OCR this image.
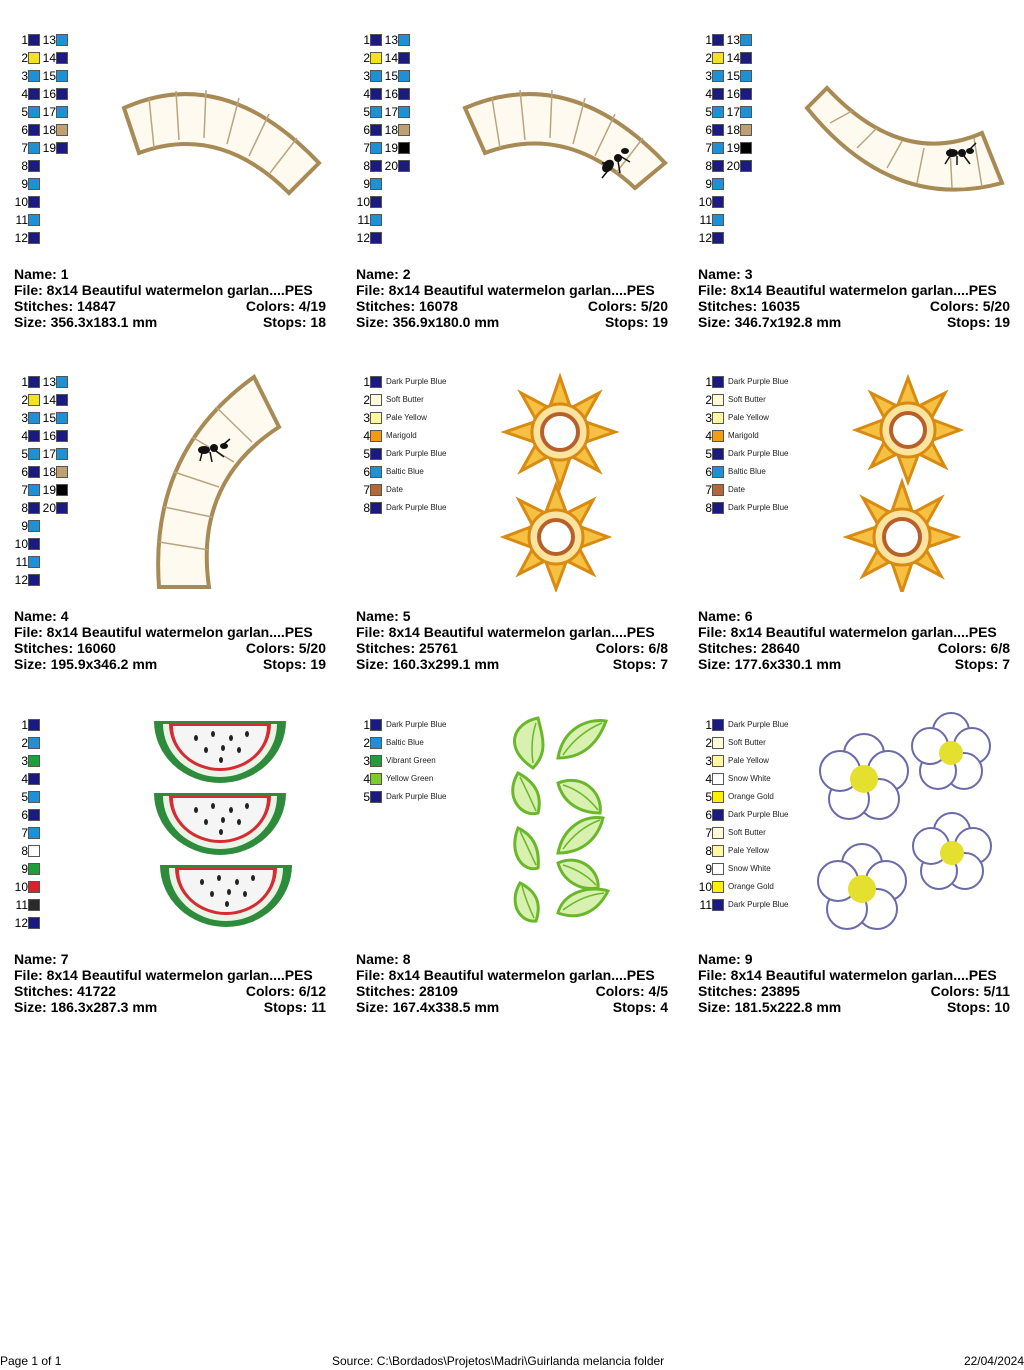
1
2
3
4
5
6
7
8
9
10
11
12
13
14
15
16
17
18
19
Name: 1
File: 8x14 Beautiful watermelon garlan....PES
Stitches: 14847	Colors: 4/19
Size: 356.3x183.1 mm	Stops: 18
1
2
3
4
5
6
7
8
9
10
11
12
13
14
15
16
17
18
19
20
Name: 2
File: 8x14 Beautiful watermelon garlan....PES
Stitches: 16078	Colors: 5/20
Size: 356.9x180.0 mm	Stops: 19
1
2
3
4
5
6
7
8
9
10
11
12
13
14
15
16
17
18
19
20
Name: 3
File: 8x14 Beautiful watermelon garlan....PES
Stitches: 16035	Colors: 5/20
Size: 346.7x192.8 mm	Stops: 19
1
2
3
4
5
6
7
8
9
10
11
12
13
14
15
16
17
18
19
20
Name: 4
File: 8x14 Beautiful watermelon garlan....PES
Stitches: 16060	Colors: 5/20
Size: 195.9x346.2 mm	Stops: 19
1 Dark Purple Blue
2 Soft Butter
3 Pale Yellow
4 Marigold
5 Dark Purple Blue
6 Baltic Blue
7 Date
8 Dark Purple Blue
Name: 5
File: 8x14 Beautiful watermelon garlan....PES
Stitches: 25761	Colors: 6/8
Size: 160.3x299.1 mm	Stops: 7
1 Dark Purple Blue
2 Soft Butter
3 Pale Yellow
4 Marigold
5 Dark Purple Blue
6 Baltic Blue
7 Date
8 Dark Purple Blue
Name: 6
File: 8x14 Beautiful watermelon garlan....PES
Stitches: 28640	Colors: 6/8
Size: 177.6x330.1 mm	Stops: 7
1
2
3
4
5
6
7
8
9
10
11
12
Name: 7
File: 8x14 Beautiful watermelon garlan....PES
Stitches: 41722	Colors: 6/12
Size: 186.3x287.3 mm	Stops: 11
1 Dark Purple Blue
2 Baltic Blue
3 Vibrant Green
4 Yellow Green
5 Dark Purple Blue
Name: 8
File: 8x14 Beautiful watermelon garlan....PES
Stitches: 28109	Colors: 4/5
Size: 167.4x338.5 mm	Stops: 4
1 Dark Purple Blue
2 Soft Butter
3 Pale Yellow
4 Snow White
5 Orange Gold
6 Dark Purple Blue
7 Soft Butter
8 Pale Yellow
9 Snow White
10 Orange Gold
11 Dark Purple Blue
Name: 9
File: 8x14 Beautiful watermelon garlan....PES
Stitches: 23895	Colors: 5/11
Size: 181.5x222.8 mm	Stops: 10
Page 1 of 1	Source: C:\Bordados\Projetos\Madri\Guirlanda melancia folder	22/04/2024
